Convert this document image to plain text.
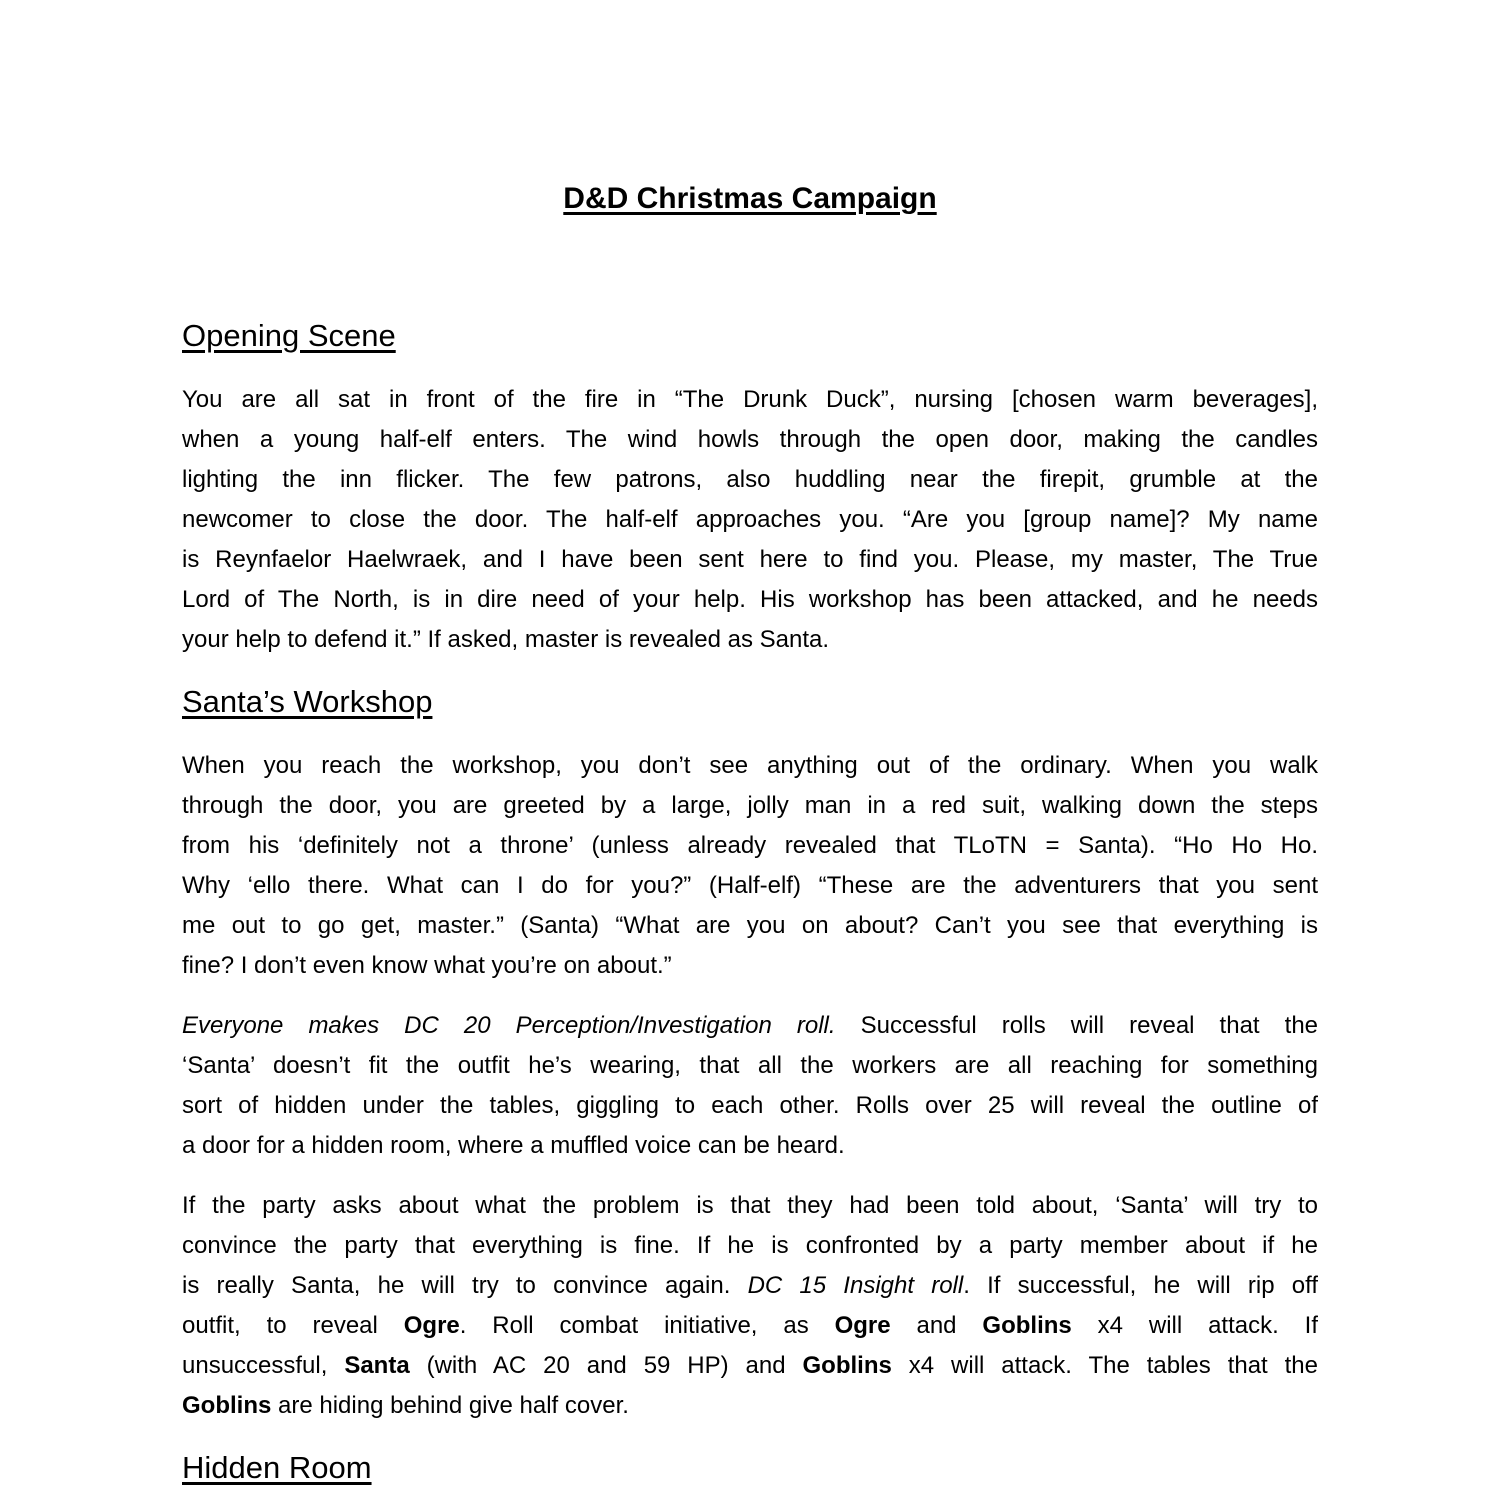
D&D Christmas Campaign
Opening Scene
You are all sat in front of the fire in “The Drunk Duck”, nursing [chosen warm beverages],
when a young half-elf enters. The wind howls through the open door, making the candles
lighting the inn flicker. The few patrons, also huddling near the firepit, grumble at the
newcomer to close the door. The half-elf approaches you. “Are you [group name]? My name
is Reynfaelor Haelwraek, and I have been sent here to find you. Please, my master, The True
Lord of The North, is in dire need of your help. His workshop has been attacked, and he needs
your help to defend it.” If asked, master is revealed as Santa.
Santa’s Workshop
When you reach the workshop, you don’t see anything out of the ordinary. When you walk
through the door, you are greeted by a large, jolly man in a red suit, walking down the steps
from his ‘definitely not a throne’ (unless already revealed that TLoTN = Santa). “Ho Ho Ho.
Why ‘ello there. What can I do for you?” (Half-elf) “These are the adventurers that you sent
me out to go get, master.” (Santa) “What are you on about? Can’t you see that everything is
fine? I don’t even know what you’re on about.”
Everyone makes DC 20 Perception/Investigation roll. Successful rolls will reveal that the
‘Santa’ doesn’t fit the outfit he’s wearing, that all the workers are all reaching for something
sort of hidden under the tables, giggling to each other. Rolls over 25 will reveal the outline of
a door for a hidden room, where a muffled voice can be heard.
If the party asks about what the problem is that they had been told about, ‘Santa’ will try to
convince the party that everything is fine. If he is confronted by a party member about if he
is really Santa, he will try to convince again. DC 15 Insight roll. If successful, he will rip off
outfit, to reveal Ogre. Roll combat initiative, as Ogre and Goblins x4 will attack. If
unsuccessful, Santa (with AC 20 and 59 HP) and Goblins x4 will attack. The tables that the
Goblins are hiding behind give half cover.
Hidden Room
